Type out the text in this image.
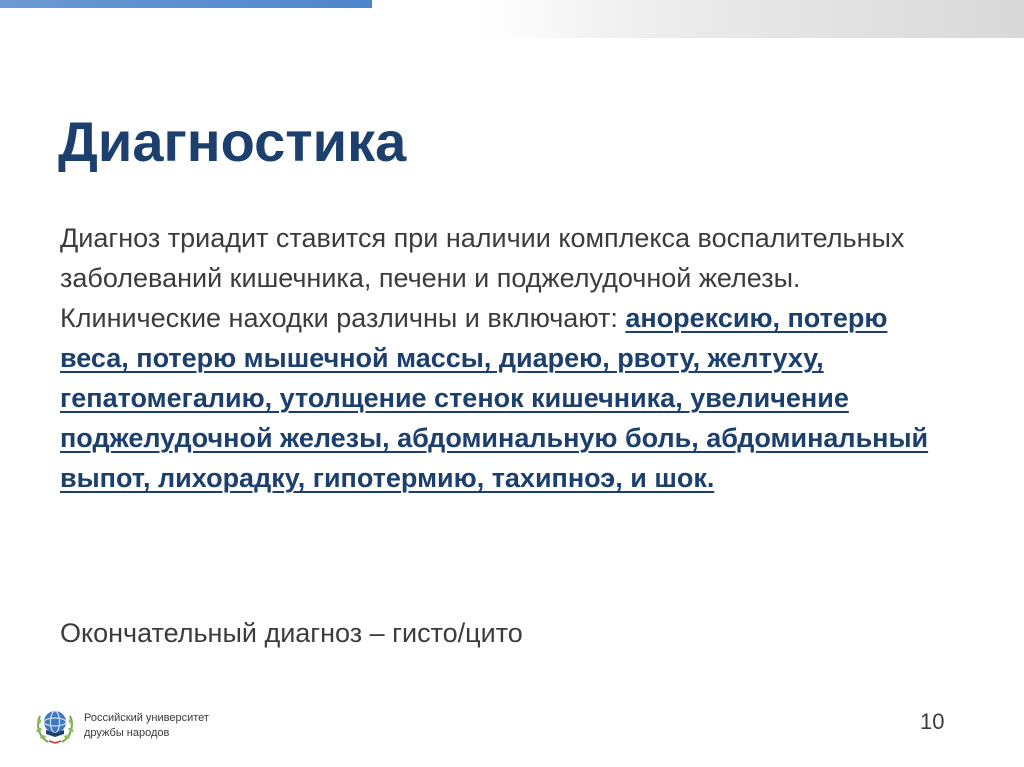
Диагностика

Диагноз триадит ставится при наличии комплекса воспалительных заболеваний кишечника, печени и поджелудочной железы. Клинические находки различны и включают: анорексию, потерю веса, потерю мышечной массы, диарею, рвоту, желтуху, гепатомегалию, утолщение стенок кишечника, увеличение поджелудочной железы, абдоминальную боль, абдоминальный выпот, лихорадку, гипотермию, тахипноэ, и шок.

Окончательный диагноз – гисто/цито

Российский университет
дружбы народов	10
